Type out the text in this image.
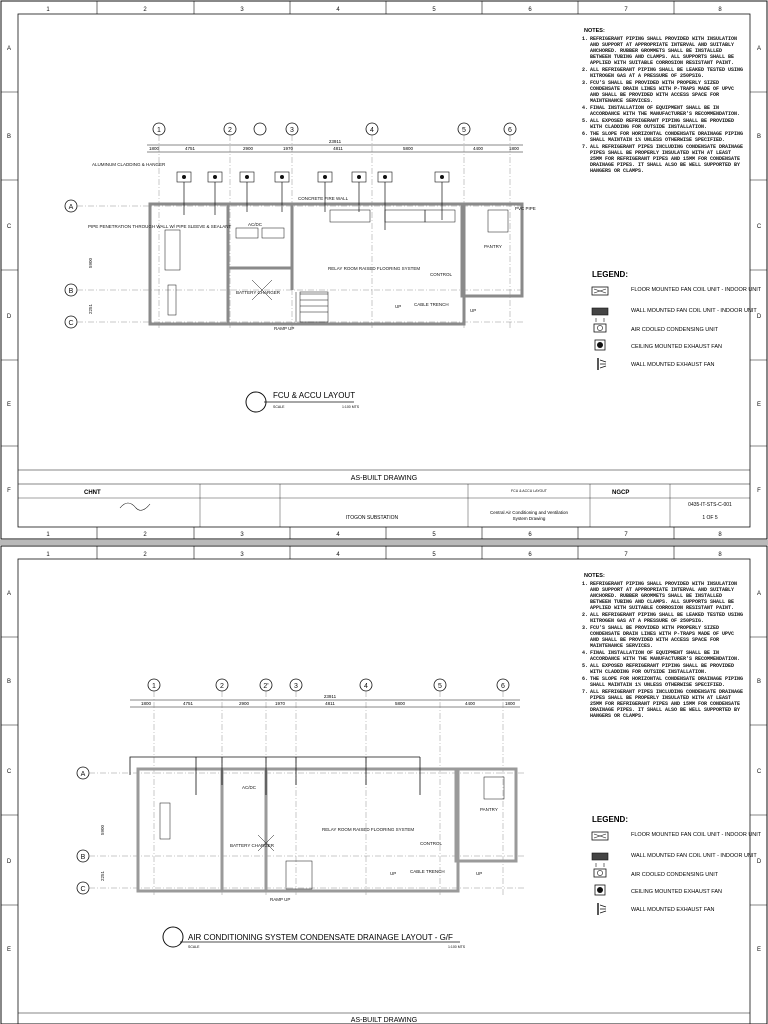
1	2	3	4	5	6	7	8
1	2	3	4	5	6	7	8
A
B
C
D
E
F
A
B
C
D
E
F
NOTES:
1. REFRIGERANT PIPING SHALL PROVIDED WITH INSULATION AND SUPPORT AT APPROPRIATE INTERVAL AND SUITABLY ANCHORED. RUBBER GROMMETS SHALL BE INSTALLED BETWEEN TUBING AND CLAMPS. ALL SUPPORTS SHALL BE APPLIED WITH SUITABLE CORROSION RESISTANT PAINT.
2. ALL REFRIGERANT PIPING SHALL BE LEAKED TESTED USING NITROGEN GAS AT A PRESSURE OF 250PSIG.
3. FCU'S SHALL BE PROVIDED WITH PROPERLY SIZED CONDENSATE DRAIN LINES WITH P-TRAPS MADE OF UPVC AND SHALL BE PROVIDED WITH ACCESS SPACE FOR MAINTENANCE SERVICES.
4. FINAL INSTALLATION OF EQUIPMENT SHALL BE IN ACCORDANCE WITH THE MANUFACTURER'S RECOMMENDATION.
5. ALL EXPOSED REFRIGERANT PIPING SHALL BE PROVIDED WITH CLADDING FOR OUTSIDE INSTALLATION.
6. THE SLOPE FOR HORIZONTAL CONDENSATE DRAINAGE PIPING SHALL MAINTAIN 1% UNLESS OTHERWISE SPECIFIED.
7. ALL REFRIGERANT PIPES INCLUDING CONDENSATE DRAINAGE PIPES SHALL BE PROPERLY INSULATED WITH AT LEAST 25MM FOR REFRIGERANT PIPES AND 15MM FOR CONDENSATE DRAINAGE PIPES. IT SHALL ALSO BE WELL SUPPORTED BY HANGERS OR CLAMPS.
LEGEND:
FLOOR MOUNTED FAN COIL UNIT - INDOOR UNIT
WALL MOUNTED FAN COIL UNIT - INDOOR UNIT
AIR COOLED CONDENSING UNIT
CEILING MOUNTED EXHAUST FAN
WALL MOUNTED EXHAUST FAN
23911
1800	4751	2900	1970	4811	5800	4400	1800
1	2	3	4	5	6
A
B
C
AC/DC
BATTERY CHARGER
RELAY ROOM RAISED FLOORING SYSTEM
CONTROL
PANTRY
CABLE TRENCH
UP
RAMP UP
UP
PIPE PENETRATION THROUGH WALL W/ PIPE SLEEVE & SEALANT
CONCRETE FIRE WALL
ALUMINUM CLADDING & HANGER
PVC PIPE
5900
2251
FCU & ACCU LAYOUT
SCALE	1:100 MTS
AS-BUILT DRAWING
CHNT
ITOGON SUBSTATION
FCU & ACCU LAYOUT
Central Air Conditioning and Ventilation
System Drawing
NGCP
0435-IT-STS-C-001
1 OF 5
1	2	3	4	5	6	7	8
A
B
C
D
E
A
B
C
D
E
NOTES:
1. REFRIGERANT PIPING SHALL PROVIDED WITH INSULATION AND SUPPORT AT APPROPRIATE INTERVAL AND SUITABLY ANCHORED. RUBBER GROMMETS SHALL BE INSTALLED BETWEEN TUBING AND CLAMPS. ALL SUPPORTS SHALL BE APPLIED WITH SUITABLE CORROSION RESISTANT PAINT.
2. ALL REFRIGERANT PIPING SHALL BE LEAKED TESTED USING NITROGEN GAS AT A PRESSURE OF 250PSIG.
3. FCU'S SHALL BE PROVIDED WITH PROPERLY SIZED CONDENSATE DRAIN LINES WITH P-TRAPS MADE OF UPVC AND SHALL BE PROVIDED WITH ACCESS SPACE FOR MAINTENANCE SERVICES.
4. FINAL INSTALLATION OF EQUIPMENT SHALL BE IN ACCORDANCE WITH THE MANUFACTURER'S RECOMMENDATION.
5. ALL EXPOSED REFRIGERANT PIPING SHALL BE PROVIDED WITH CLADDING FOR OUTSIDE INSTALLATION.
6. THE SLOPE FOR HORIZONTAL CONDENSATE DRAINAGE PIPING SHALL MAINTAIN 1% UNLESS OTHERWISE SPECIFIED.
7. ALL REFRIGERANT PIPES INCLUDING CONDENSATE DRAINAGE PIPES SHALL BE PROPERLY INSULATED WITH AT LEAST 25MM FOR REFRIGERANT PIPES AND 15MM FOR CONDENSATE DRAINAGE PIPES. IT SHALL ALSO BE WELL SUPPORTED BY HANGERS OR CLAMPS.
LEGEND:
FLOOR MOUNTED FAN COIL UNIT - INDOOR UNIT
WALL MOUNTED FAN COIL UNIT - INDOOR UNIT
AIR COOLED CONDENSING UNIT
CEILING MOUNTED EXHAUST FAN
WALL MOUNTED EXHAUST FAN
23911
1800	4751	2900	1970	4811	5800	4400	1800
1	2	2'	3	4	5	6
A
B
C
AC/DC
BATTERY CHARGER
RELAY ROOM RAISED FLOORING SYSTEM
CONTROL
PANTRY
CABLE TRENCH
UP
RAMP UP
UP
5900
2251
AIR CONDITIONING SYSTEM CONDENSATE DRAINAGE LAYOUT - G/F
SCALE	1:100 MTS
AS-BUILT DRAWING
